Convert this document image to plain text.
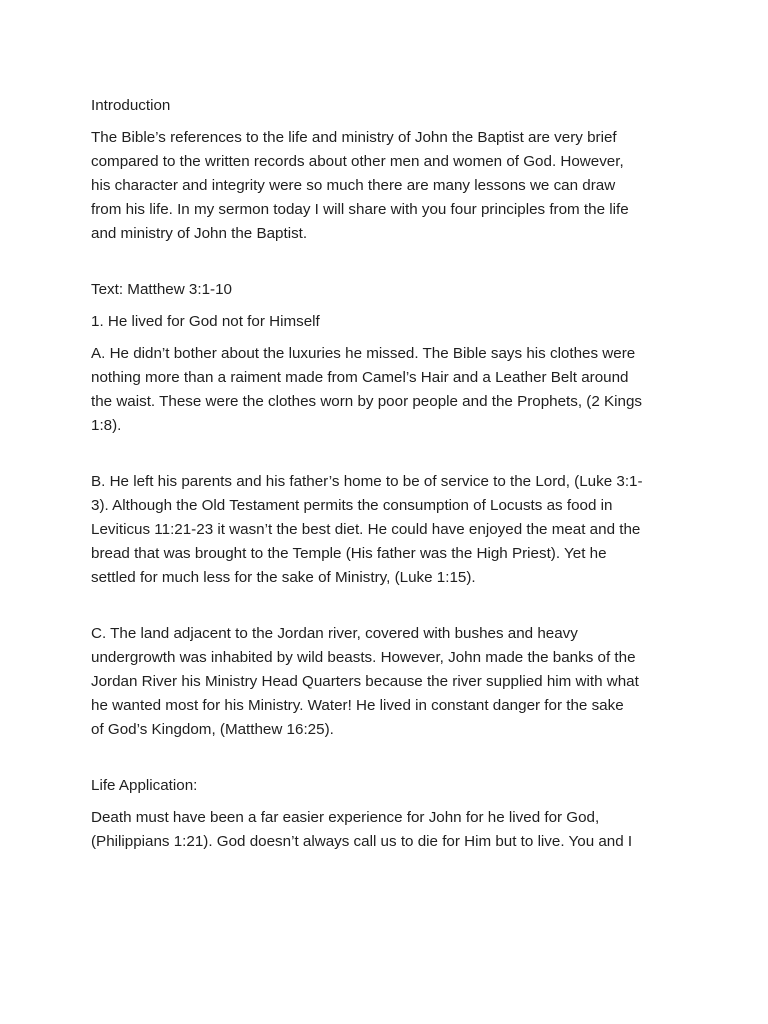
Introduction

The Bible’s references to the life and ministry of John the Baptist are very brief

compared to the written records about other men and women of God. However,

his character and integrity were so much there are many lessons we can draw

from his life. In my sermon today I will share with you four principles from the life

and ministry of John the Baptist.

Text: Matthew 3:1-10

1. He lived for God not for Himself

A. He didn’t bother about the luxuries he missed. The Bible says his clothes were

nothing more than a raiment made from Camel’s Hair and a Leather Belt around

the waist. These were the clothes worn by poor people and the Prophets, (2 Kings

1:8).

B. He left his parents and his father’s home to be of service to the Lord, (Luke 3:1-

3). Although the Old Testament permits the consumption of Locusts as food in

Leviticus 11:21-23 it wasn’t the best diet. He could have enjoyed the meat and the

bread that was brought to the Temple (His father was the High Priest). Yet he

settled for much less for the sake of Ministry, (Luke 1:15).

C. The land adjacent to the Jordan river, covered with bushes and heavy

undergrowth was inhabited by wild beasts. However, John made the banks of the

Jordan River his Ministry Head Quarters because the river supplied him with what

he wanted most for his Ministry. Water! He lived in constant danger for the sake

of God’s Kingdom, (Matthew 16:25).

Life Application:

Death must have been a far easier experience for John for he lived for God,

(Philippians 1:21). God doesn’t always call us to die for Him but to live. You and I
